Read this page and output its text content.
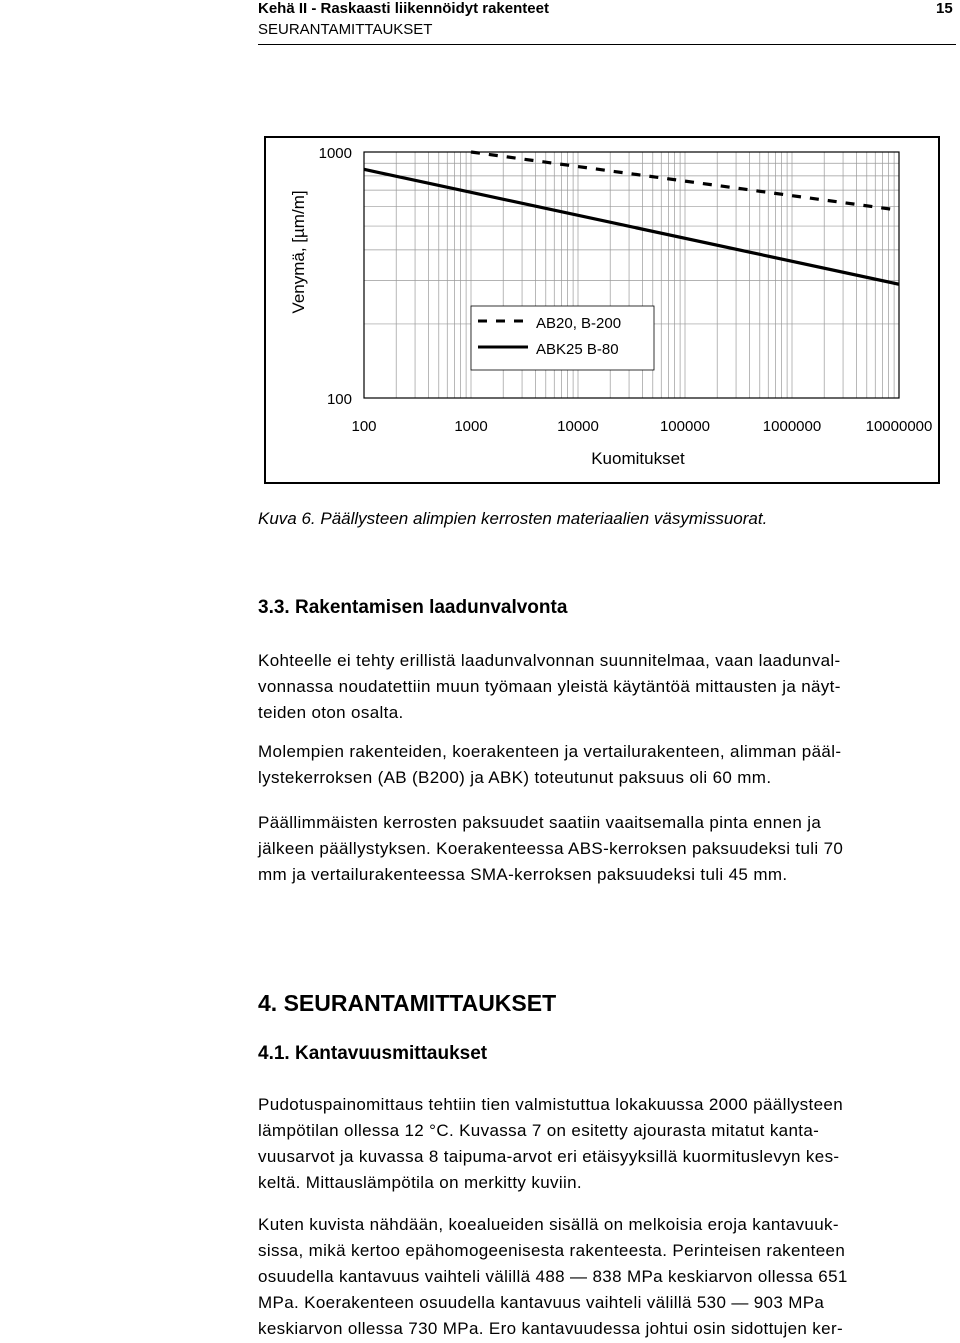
Kehä II - Raskaasti liikennöidyt rakenteet
SEURANTAMITTAUKSET
15
AB20, B-200
ABK25 B-80
Venymä, [µm/m]
Kuomitukset
100	1000	10000	100000	1000000	10000000
100
1000
Kuva 6. Päällysteen alimpien kerrosten materiaalien väsymissuorat.
3.3. Rakentamisen laadunvalvonta

Kohteelle ei tehty erillistä laadunvalvonnan suunnitelmaa, vaan laadunval-
vonnassa noudatettiin muun työmaan yleistä käytäntöä mittausten ja näyt-
teiden oton osalta.

Molempien rakenteiden, koerakenteen ja vertailurakenteen, alimman pääl-
lystekerroksen (AB (B200) ja ABK) toteutunut paksuus oli 60 mm.

Päällimmäisten kerrosten paksuudet saatiin vaaitsemalla pinta ennen ja
jälkeen päällystyksen. Koerakenteessa ABS-kerroksen paksuudeksi tuli 70
mm ja vertailurakenteessa SMA-kerroksen paksuudeksi tuli 45 mm.

4. SEURANTAMITTAUKSET
4.1. Kantavuusmittaukset

Pudotuspainomittaus tehtiin tien valmistuttua lokakuussa 2000 päällysteen
lämpötilan ollessa 12 °C. Kuvassa 7 on esitetty ajourasta mitatut kanta-
vuusarvot ja kuvassa 8 taipuma-arvot eri etäisyyksillä kuormituslevyn kes-
keltä. Mittauslämpötila on merkitty kuviin.

Kuten kuvista nähdään, koealueiden sisällä on melkoisia eroja kantavuuk-
sissa, mikä kertoo epähomogeenisesta rakenteesta. Perinteisen rakenteen
osuudella kantavuus vaihteli välillä 488 — 838 MPa keskiarvon ollessa 651
MPa. Koerakenteen osuudella kantavuus vaihteli välillä 530 — 903 MPa
keskiarvon ollessa 730 MPa. Ero kantavuudessa johtui osin sidottujen ker-
